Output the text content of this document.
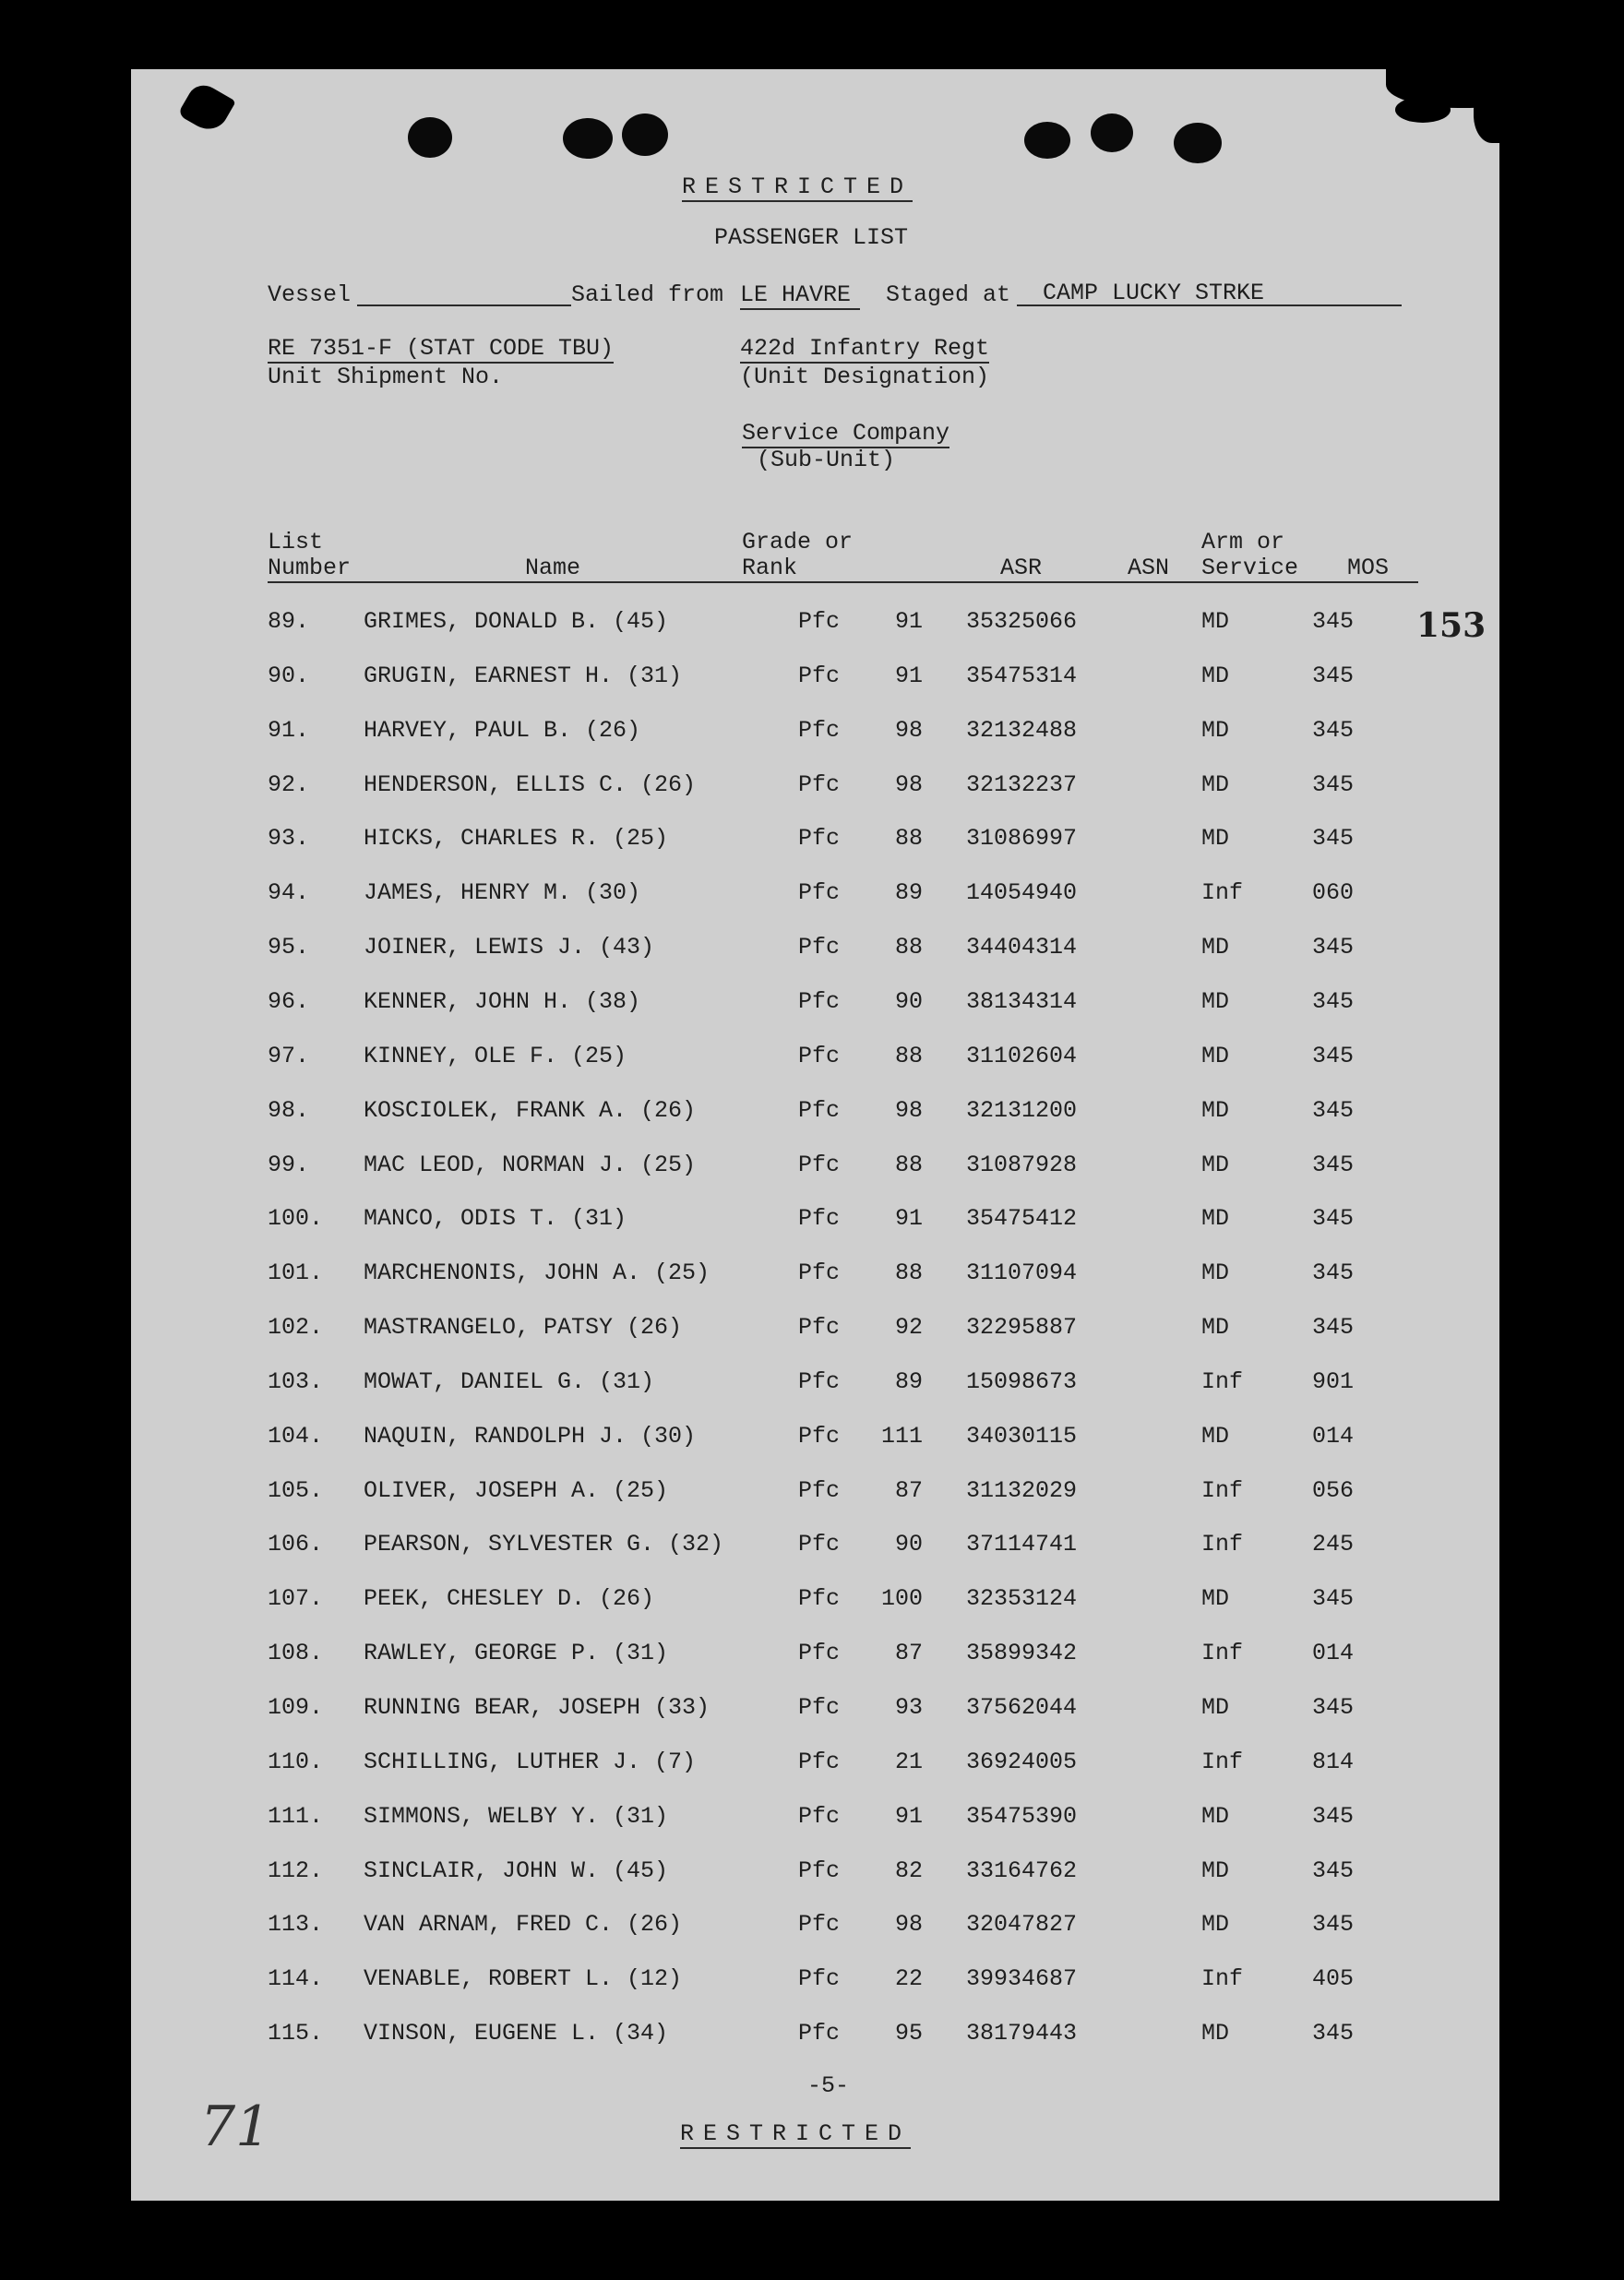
RESTRICTED
PASSENGER LIST
Vessel	Sailed from LE HAVRE	Staged at CAMP LUCKY STRKE
RE 7351-F (STAT CODE TBU)
Unit Shipment No.
422d Infantry Regt
(Unit Designation)
Service Company
(Sub-Unit)
List
Number	Name
Grade or
Rank	ASR	ASN
Arm or
Service MOS
153
89. GRIMES, DONALD B. (45)	Pfc 91 35325066	MD	345
90. GRUGIN, EARNEST H. (31)	Pfc 91 35475314	MD	345
91. HARVEY, PAUL B. (26)	Pfc 98 32132488	MD	345
92. HENDERSON, ELLIS C. (26)	Pfc 98 32132237	MD	345
93. HICKS, CHARLES R. (25)	Pfc 88 31086997	MD	345
94. JAMES, HENRY M. (30)	Pfc 89 14054940	Inf	060
95. JOINER, LEWIS J. (43)	Pfc 88 34404314	MD	345
96. KENNER, JOHN H. (38)	Pfc 90 38134314	MD	345
97. KINNEY, OLE F. (25)	Pfc 88 31102604	MD	345
98. KOSCIOLEK, FRANK A. (26)	Pfc 98 32131200	MD	345
99. MAC LEOD, NORMAN J. (25)	Pfc 88 31087928	MD	345
100. MANCO, ODIS T. (31)	Pfc 91 35475412	MD	345
101. MARCHENONIS, JOHN A. (25)	Pfc 88 31107094	MD	345
102. MASTRANGELO, PATSY (26)	Pfc 92 32295887	MD	345
103. MOWAT, DANIEL G. (31)	Pfc 89 15098673	Inf	901
104. NAQUIN, RANDOLPH J. (30)	Pfc 111 34030115	MD	014
105. OLIVER, JOSEPH A. (25)	Pfc 87 31132029	Inf	056
106. PEARSON, SYLVESTER G. (32)	Pfc 90 37114741	Inf	245
107. PEEK, CHESLEY D. (26)	Pfc 100 32353124	MD	345
108. RAWLEY, GEORGE P. (31)	Pfc 87 35899342	Inf	014
109. RUNNING BEAR, JOSEPH (33)	Pfc 93 37562044	MD	345
110. SCHILLING, LUTHER J. (7)	Pfc 21 36924005	Inf	814
111. SIMMONS, WELBY Y. (31)	Pfc 91 35475390	MD	345
112. SINCLAIR, JOHN W. (45)	Pfc 82 33164762	MD	345
113. VAN ARNAM, FRED C. (26)	Pfc 98 32047827	MD	345
114. VENABLE, ROBERT L. (12)	Pfc 22 39934687	Inf	405
115. VINSON, EUGENE L. (34)	Pfc 95 38179443	MD	345
-5-
RESTRICTED
71
